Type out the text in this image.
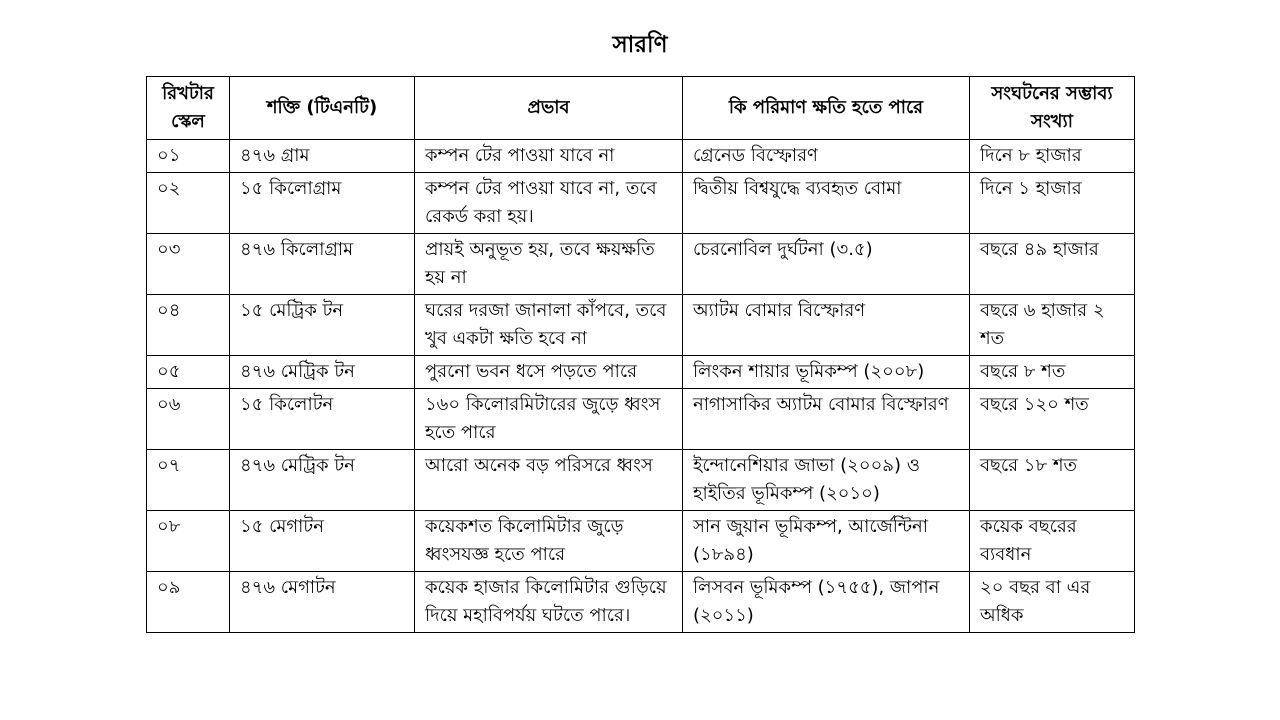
সারণি
রিখটার স্কেল	শক্তি (টিএনটি)	প্রভাব	কি পরিমাণ ক্ষতি হতে পারে	সংঘটনের সম্ভাব্য সংখ্যা
০১	৪৭৬ গ্রাম	কম্পন টের পাওয়া যাবে না	গ্রেনেড বিস্ফোরণ	দিনে ৮ হাজার
০২	১৫ কিলোগ্রাম	কম্পন টের পাওয়া যাবে না, তবে রেকর্ড করা হয়।	দ্বিতীয় বিশ্বযুদ্ধে ব্যবহৃত বোমা	দিনে ১ হাজার
০৩	৪৭৬ কিলোগ্রাম	প্রায়ই অনুভূত হয়, তবে ক্ষয়ক্ষতি হয় না	চেরনোবিল দুর্ঘটনা (৩.৫)	বছরে ৪৯ হাজার
০৪	১৫ মেট্রিক টন	ঘরের দরজা জানালা কাঁপবে, তবে খুব একটা ক্ষতি হবে না	অ্যাটম বোমার বিস্ফোরণ	বছরে ৬ হাজার ২ শত
০৫	৪৭৬ মেট্রিক টন	পুরনো ভবন ধসে পড়তে পারে	লিংকন শায়ার ভূমিকম্প (২০০৮)	বছরে ৮ শত
০৬	১৫ কিলোটন	১৬০ কিলোরমিটারের জুড়ে ধ্বংস হতে পারে	নাগাসাকির অ্যাটম বোমার বিস্ফোরণ	বছরে ১২০ শত
০৭	৪৭৬ মেট্রিক টন	আরো অনেক বড় পরিসরে ধ্বংস	ইন্দোনেশিয়ার জাভা (২০০৯) ও হাইতির ভূমিকম্প (২০১০)	বছরে ১৮ শত
০৮	১৫ মেগাটন	কয়েকশত কিলোমিটার জুড়ে ধ্বংসযজ্ঞ হতে পারে	সান জুয়ান ভূমিকম্প, আর্জেন্টিনা (১৮৯৪)	কয়েক বছরের ব্যবধান
০৯	৪৭৬ মেগাটন	কয়েক হাজার কিলোমিটার গুড়িয়ে দিয়ে মহাবিপর্যয় ঘটতে পারে।	লিসবন ভূমিকম্প (১৭৫৫), জাপান (২০১১)	২০ বছর বা এর অধিক
